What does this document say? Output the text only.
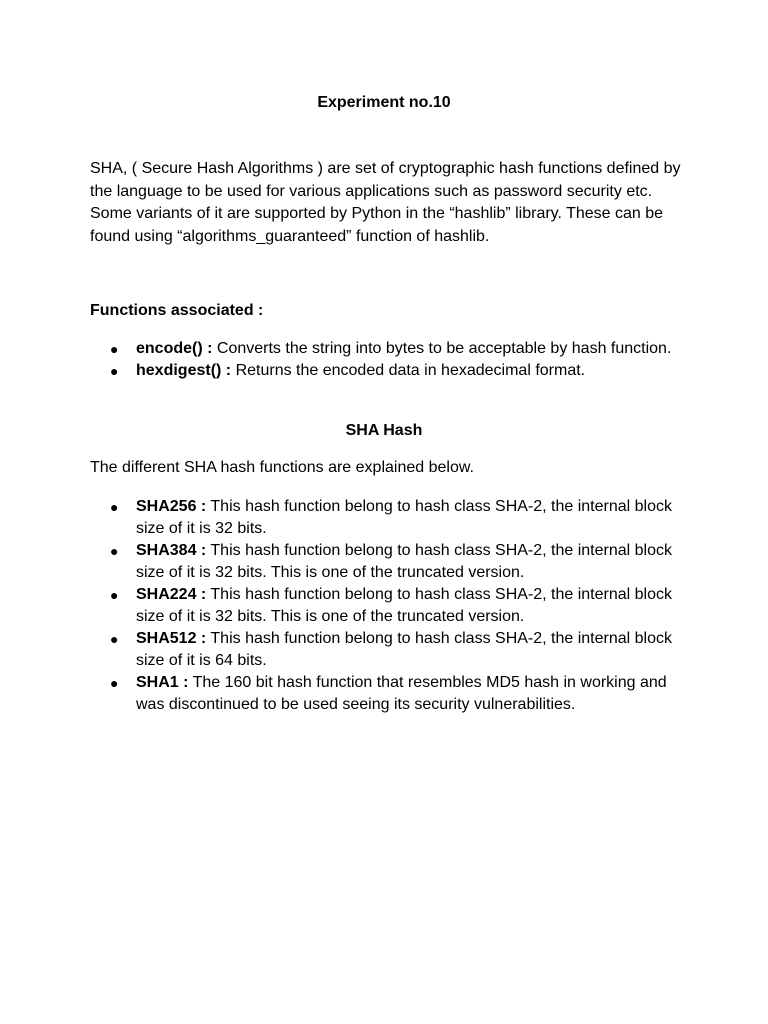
Experiment no.10

SHA, ( Secure Hash Algorithms ) are set of cryptographic hash functions defined by the language to be used for various applications such as password security etc. Some variants of it are supported by Python in the “hashlib” library. These can be found using “algorithms_guaranteed” function of hashlib.

Functions associated :

●	encode() : Converts the string into bytes to be acceptable by hash function.
●	hexdigest() : Returns the encoded data in hexadecimal format.

SHA Hash

The different SHA hash functions are explained below.

●	SHA256 : This hash function belong to hash class SHA-2, the internal block size of it is 32 bits.
●	SHA384 : This hash function belong to hash class SHA-2, the internal block size of it is 32 bits. This is one of the truncated version.
●	SHA224 : This hash function belong to hash class SHA-2, the internal block size of it is 32 bits. This is one of the truncated version.
●	SHA512 : This hash function belong to hash class SHA-2, the internal block size of it is 64 bits.
●	SHA1 : The 160 bit hash function that resembles MD5 hash in working and was discontinued to be used seeing its security vulnerabilities.
